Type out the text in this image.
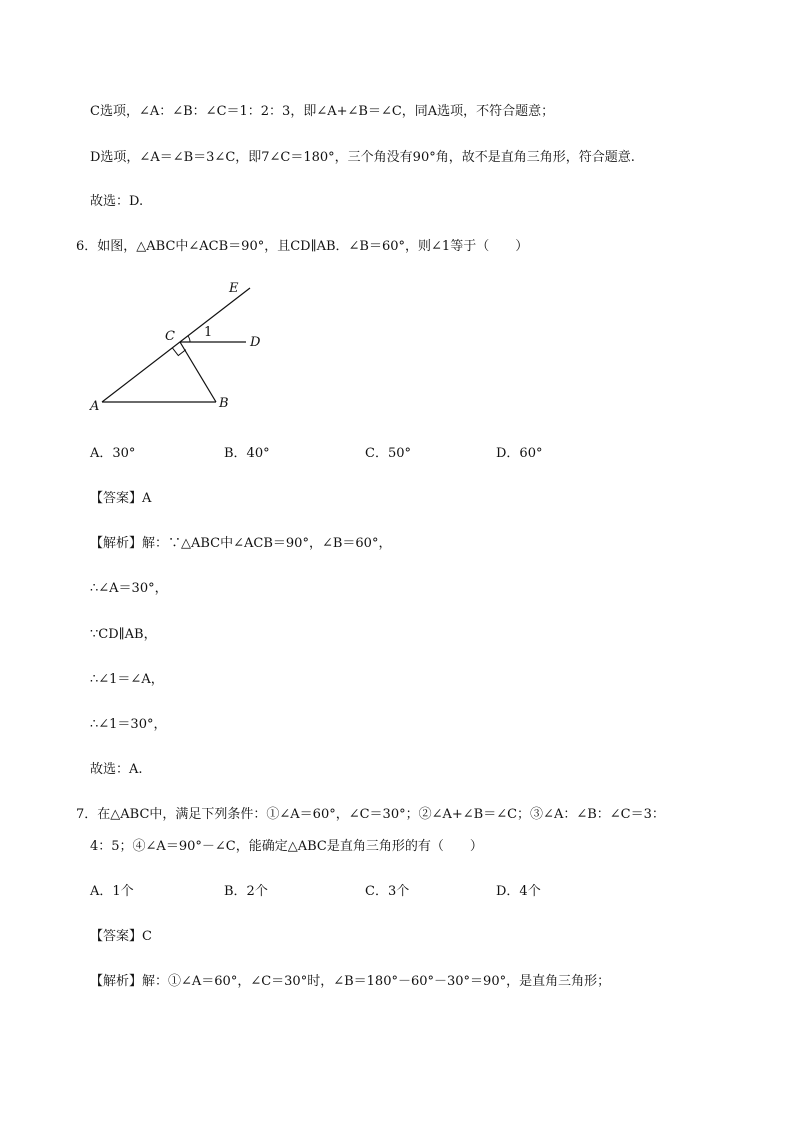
C选项，∠A：∠B：∠C＝1：2：3，即∠A+∠B＝∠C，同A选项，不符合题意；
D选项，∠A＝∠B＝3∠C，即7∠C＝180°，三个角没有90°角，故不是直角三角形，符合题意.
故选：D.
6．如图，△ABC中∠ACB＝90°，且CD∥AB．∠B＝60°，则∠1等于（　　）
E
C 1
D
A	B
A．30°	B．40°	C．50°	D．60°
【答案】A
【解析】解：∵△ABC中∠ACB＝90°，∠B＝60°，
∴∠A＝30°，
∵CD∥AB，
∴∠1＝∠A，
∴∠1＝30°，
故选：A.
7．在△ABC中，满足下列条件：①∠A＝60°，∠C＝30°；②∠A+∠B＝∠C；③∠A：∠B：∠C＝3：
4：5；④∠A＝90°－∠C，能确定△ABC是直角三角形的有（　　）
A．1个	B．2个	C．3个	D．4个
【答案】C
【解析】解：①∠A＝60°，∠C＝30°时，∠B＝180°－60°－30°＝90°，是直角三角形；
